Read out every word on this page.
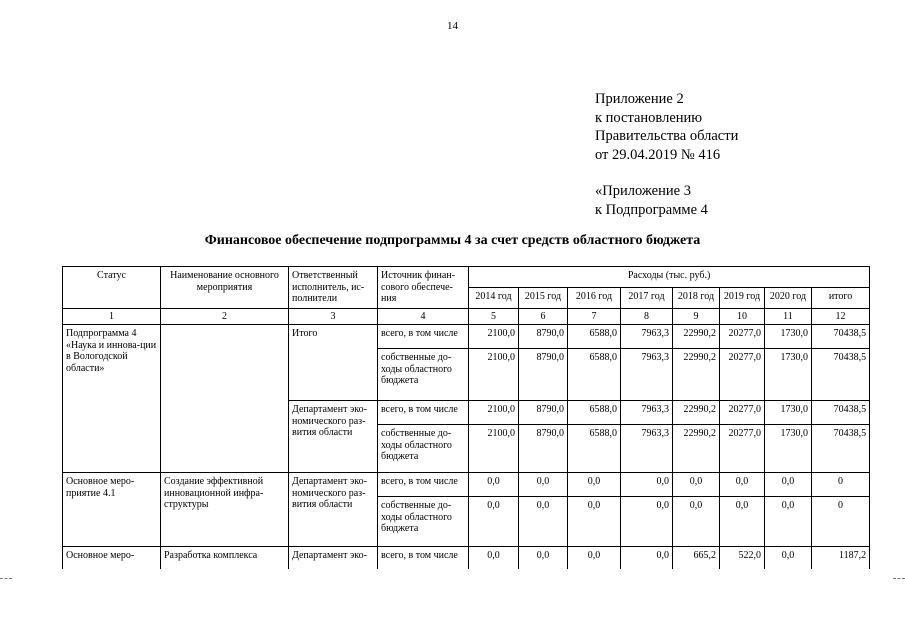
14
Приложение 2
к постановлению
Правительства области
от 29.04.2019 № 416
«Приложение 3
к Подпрограмме 4
Финансовое обеспечение подпрограммы 4 за счет средств областного бюджета
Статус	Наименование основного мероприятия	Ответственный исполнитель, ис-полнители	Источник финан-сового обеспече-ния	Расходы (тыс. руб.)							
				2014 год	2015 год	2016 год	2017 год	2018 год	2019 год	2020 год	итого
1	2	3	4	5	6	7	8	9	10	11	12
Подпрограмма 4 «Наука и иннова-ции в Вологодской области»		Итого	всего, в том числе	2100,0	8790,0	6588,0	7963,3	22990,2	20277,0	1730,0	70438,5
			собственные до-ходы областного бюджета	2100,0	8790,0	6588,0	7963,3	22990,2	20277,0	1730,0	70438,5
		Департамент эко-номического раз-вития области	всего, в том числе	2100,0	8790,0	6588,0	7963,3	22990,2	20277,0	1730,0	70438,5
			собственные до-ходы областного бюджета	2100,0	8790,0	6588,0	7963,3	22990,2	20277,0	1730,0	70438,5
Основное меро-приятие 4.1	Создание эффективной инновационной инфра-структуры	Департамент эко-номического раз-вития области	всего, в том числе	0,0	0,0	0,0	0,0	0,0	0,0	0,0	0
			собственные до-ходы областного бюджета	0,0	0,0	0,0	0,0	0,0	0,0	0,0	0
Основное меро-	Разработка комплекса	Департамент эко-	всего, в том числе	0,0	0,0	0,0	0,0	665,2	522,0	0,0	1187,2
